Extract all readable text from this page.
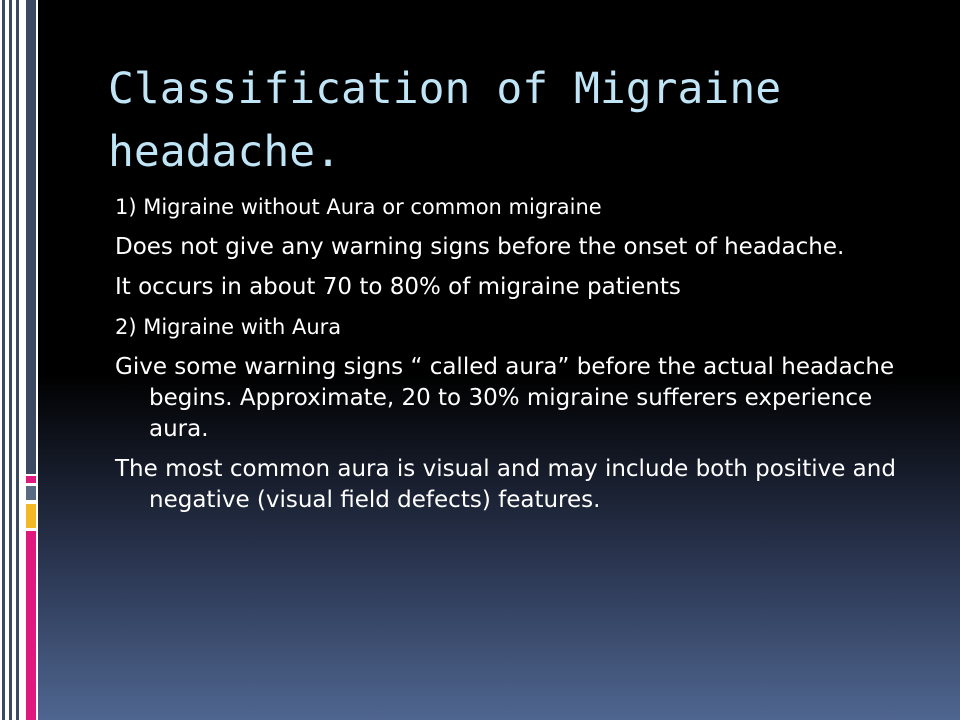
Classification of Migraine headache.

1) Migraine without Aura or common migraine

Does not give any warning signs before the onset of headache.

It occurs in about 70 to 80% of migraine patients

2) Migraine with Aura

Give some warning signs “ called aura” before the actual headache begins. Approximate, 20 to 30% migraine sufferers experience aura.

The most common aura is visual and may include both positive and negative (visual field defects) features.
